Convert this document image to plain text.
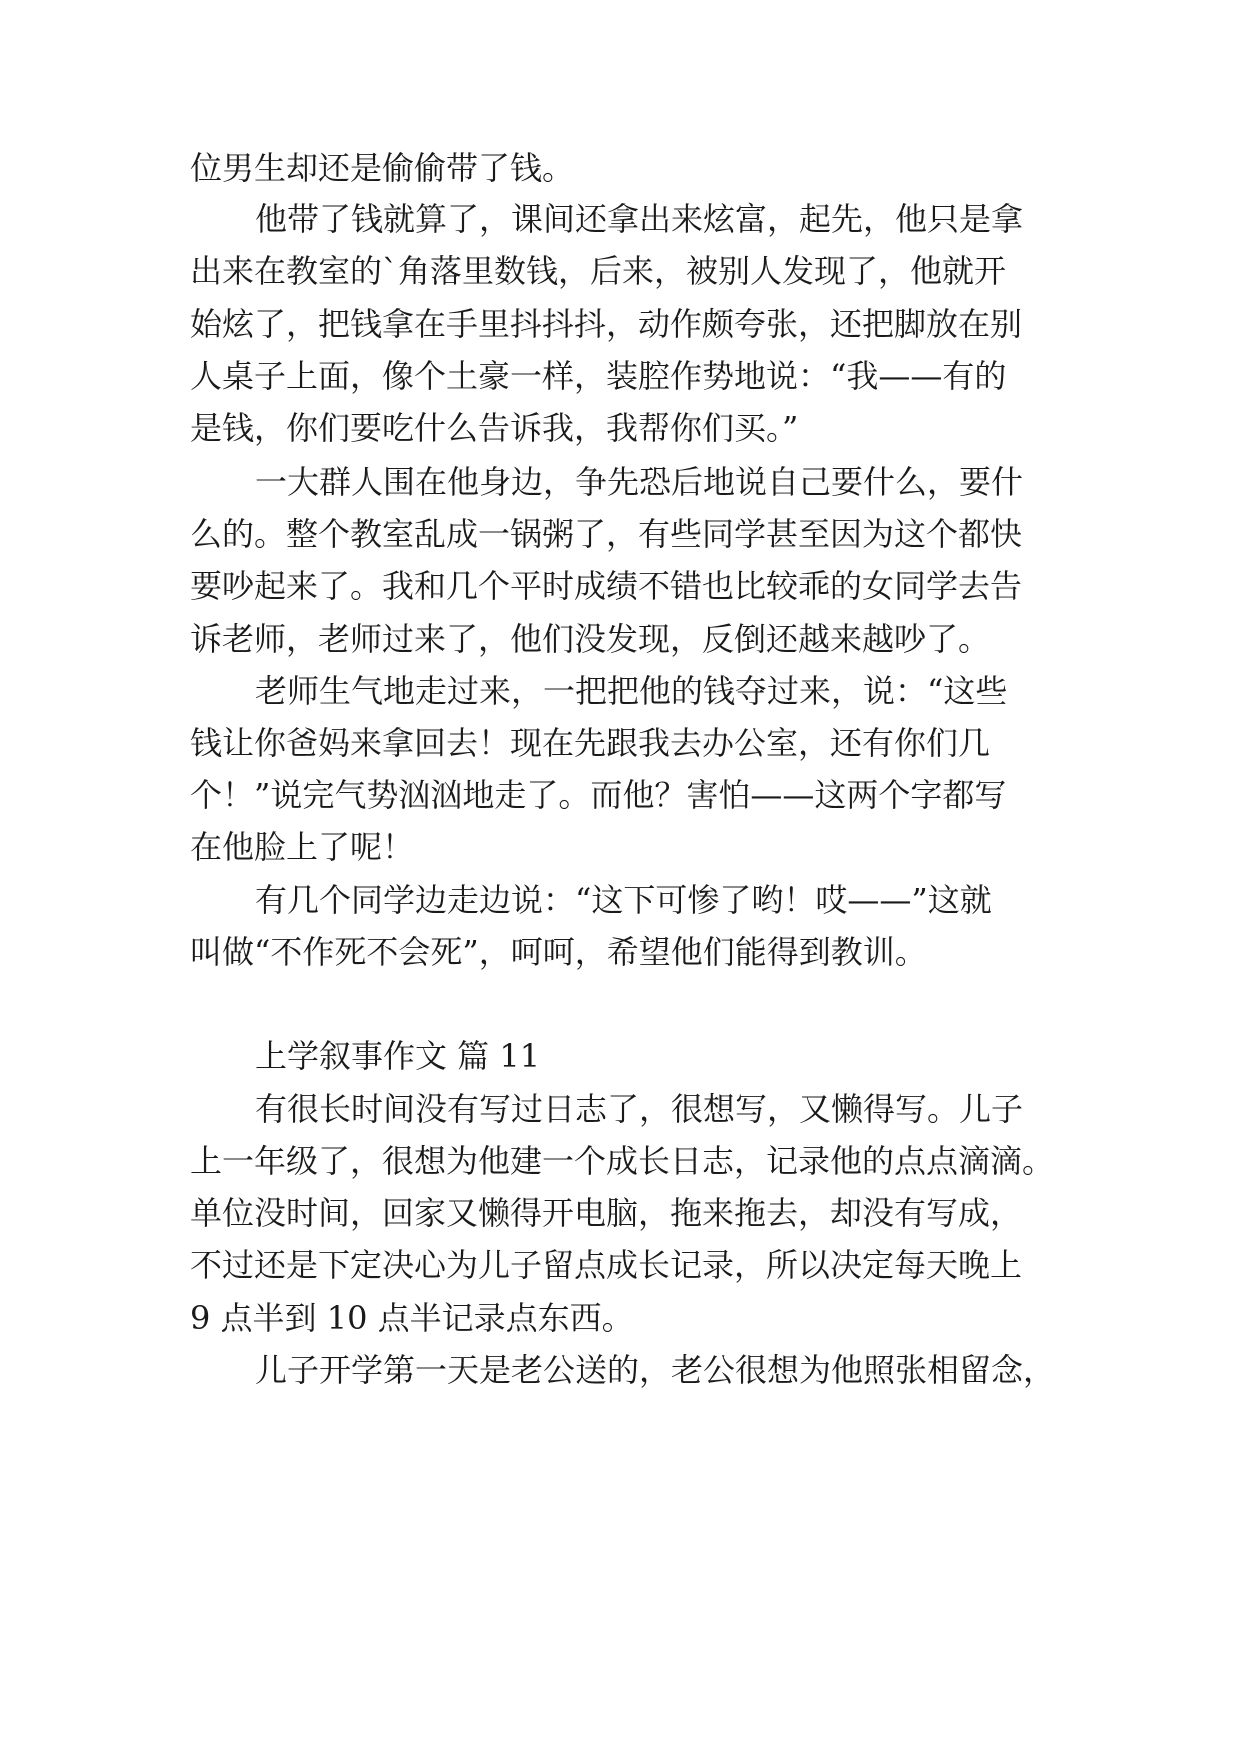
位男生却还是偷偷带了钱。
他带了钱就算了，课间还拿出来炫富，起先，他只是拿
出来在教室的`角落里数钱，后来，被别人发现了，他就开
始炫了，把钱拿在手里抖抖抖，动作颇夸张，还把脚放在别
人桌子上面，像个土豪一样，装腔作势地说：“我——有的
是钱，你们要吃什么告诉我，我帮你们买。”
一大群人围在他身边，争先恐后地说自己要什么，要什
么的。整个教室乱成一锅粥了，有些同学甚至因为这个都快
要吵起来了。我和几个平时成绩不错也比较乖的女同学去告
诉老师，老师过来了，他们没发现，反倒还越来越吵了。
老师生气地走过来，一把把他的钱夺过来，说：“这些
钱让你爸妈来拿回去！现在先跟我去办公室，还有你们几
个！”说完气势汹汹地走了。而他？害怕——这两个字都写
在他脸上了呢！
有几个同学边走边说：“这下可惨了哟！哎——”这就
叫做“不作死不会死”，呵呵，希望他们能得到教训。
上学叙事作文 篇 11
有很长时间没有写过日志了，很想写，又懒得写。儿子
上一年级了，很想为他建一个成长日志，记录他的点点滴滴。
单位没时间，回家又懒得开电脑，拖来拖去，却没有写成，
不过还是下定决心为儿子留点成长记录，所以决定每天晚上
9 点半到 10 点半记录点东西。
儿子开学第一天是老公送的，老公很想为他照张相留念，
